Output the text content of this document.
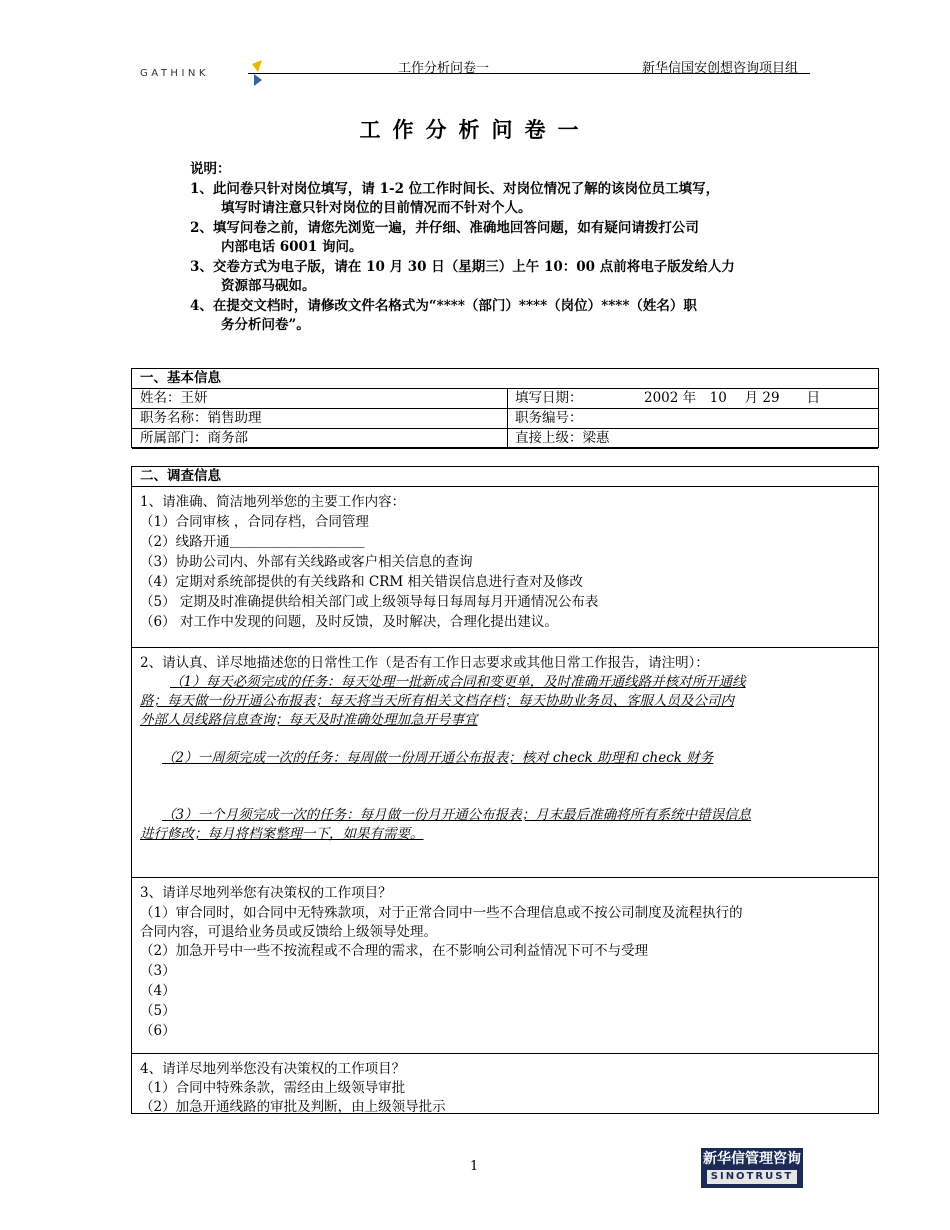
GATHINK	工作分析问卷一	新华信国安创想咨询项目组
工作分析问卷一
说明：
1、此问卷只针对岗位填写，请 1-2 位工作时间长、对岗位情况了解的该岗位员工填写，
填写时请注意只针对岗位的目前情况而不针对个人。
2、填写问卷之前，请您先浏览一遍，并仔细、准确地回答问题，如有疑问请拨打公司
内部电话 6001 询问。
3、交卷方式为电子版，请在 10 月 30 日（星期三）上午 10：00 点前将电子版发给人力
资源部马砚如。
4、在提交文档时，请修改文件名格式为“****（部门）****（岗位）****（姓名）职
务分析问卷”。
一、基本信息
姓名：王妍	填写日期：	2002 年　10　 月 29　　日
职务名称：销售助理	职务编号：
所属部门：商务部	直接上级：梁惠
二、调查信息
1、请准确、简洁地列举您的主要工作内容：
（1）合同审核 ，合同存档，合同管理
（2）线路开通＿＿＿＿＿＿＿＿＿＿
（3）协助公司内、外部有关线路或客户相关信息的查询
（4）定期对系统部提供的有关线路和 CRM 相关错误信息进行查对及修改
（5） 定期及时准确提供给相关部门或上级领导每日每周每月开通情况公布表
（6） 对工作中发现的问题，及时反馈，及时解决，合理化提出建议。
2、请认真、详尽地描述您的日常性工作（是否有工作日志要求或其他日常工作报告，请注明）：
（1）每天必须完成的任务：每天处理一批新成合同和变更单，及时准确开通线路并核对所开通线
路；每天做一份开通公布报表；每天将当天所有相关文档存档；每天协助业务员、客服人员及公司内
外部人员线路信息查询；每天及时准确处理加急开号事宜
（2）一周须完成一次的任务：每周做一份周开通公布报表；核对 check 助理和 check 财务
（3）一个月须完成一次的任务：每月做一份月开通公布报表；月末最后准确将所有系统中错误信息
进行修改；每月将档案整理一下，如果有需要。
3、请详尽地列举您有决策权的工作项目？
（1）审合同时，如合同中无特殊款项，对于正常合同中一些不合理信息或不按公司制度及流程执行的
合同内容，可退给业务员或反馈给上级领导处理。
（2）加急开号中一些不按流程或不合理的需求，在不影响公司利益情况下可不与受理
（3）
（4）
（5）
（6）
4、请详尽地列举您没有决策权的工作项目？
（1）合同中特殊条款，需经由上级领导审批
（2）加急开通线路的审批及判断，由上级领导批示
1	新华信管理咨询
SINOTRUST
